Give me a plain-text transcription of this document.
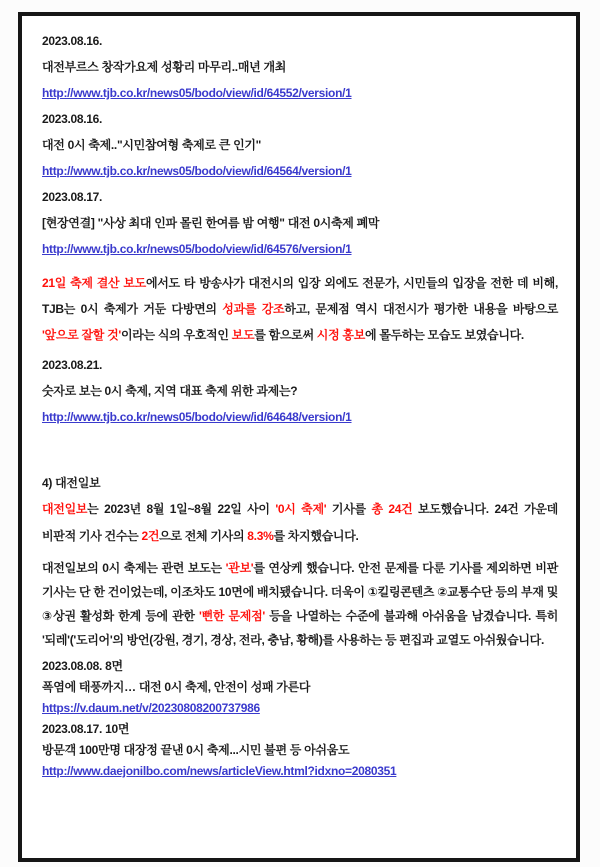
2023.08.16.

대전부르스 창작가요제 성황리 마무리..매년 개최

http://www.tjb.co.kr/news05/bodo/view/id/64552/version/1

2023.08.16.

대전 0시 축제.."시민참여형 축제로 큰 인기"

http://www.tjb.co.kr/news05/bodo/view/id/64564/version/1

2023.08.17.

[현장연결] "사상 최대 인파 몰린 한여름 밤 여행" 대전 0시축제 폐막

http://www.tjb.co.kr/news05/bodo/view/id/64576/version/1

21일 축제 결산 보도에서도 타 방송사가 대전시의 입장 외에도 전문가, 시민들의 입장을 전한 데 비해, TJB는 0시 축제가 거둔 다방면의 성과를 강조하고, 문제점 역시 대전시가 평가한 내용을 바탕으로 '앞으로 잘할 것'이라는 식의 우호적인 보도를 함으로써 시정 홍보에 몰두하는 모습도 보였습니다.

2023.08.21.

숫자로 보는 0시 축제, 지역 대표 축제 위한 과제는?

http://www.tjb.co.kr/news05/bodo/view/id/64648/version/1

4) 대전일보

대전일보는 2023년 8월 1일~8월 22일 사이 '0시 축제' 기사를 총 24건 보도했습니다. 24건 가운데 비판적 기사 건수는 2건으로 전체 기사의 8.3%를 차지했습니다.

대전일보의 0시 축제는 관련 보도는 '관보'를 연상케 했습니다. 안전 문제를 다룬 기사를 제외하면 비판 기사는 단 한 건이었는데, 이조차도 10면에 배치됐습니다. 더욱이 ①킬링콘텐츠 ②교통수단 등의 부재 및 ③상권 활성화 한계 등에 관한 '뻔한 문제점' 등을 나열하는 수준에 불과해 아쉬움을 남겼습니다. 특히 '되레'('도리어'의 방언(강원, 경기, 경상, 전라, 충남, 황해)를 사용하는 등 편집과 교열도 아쉬웠습니다.

2023.08.08. 8면

폭염에 태풍까지… 대전 0시 축제, 안전이 성패 가른다

https://v.daum.net/v/20230808200737986

2023.08.17. 10면

방문객 100만명 대장정 끝낸 0시 축제...시민 불편 등 아쉬움도

http://www.daejonilbo.com/news/articleView.html?idxno=2080351
